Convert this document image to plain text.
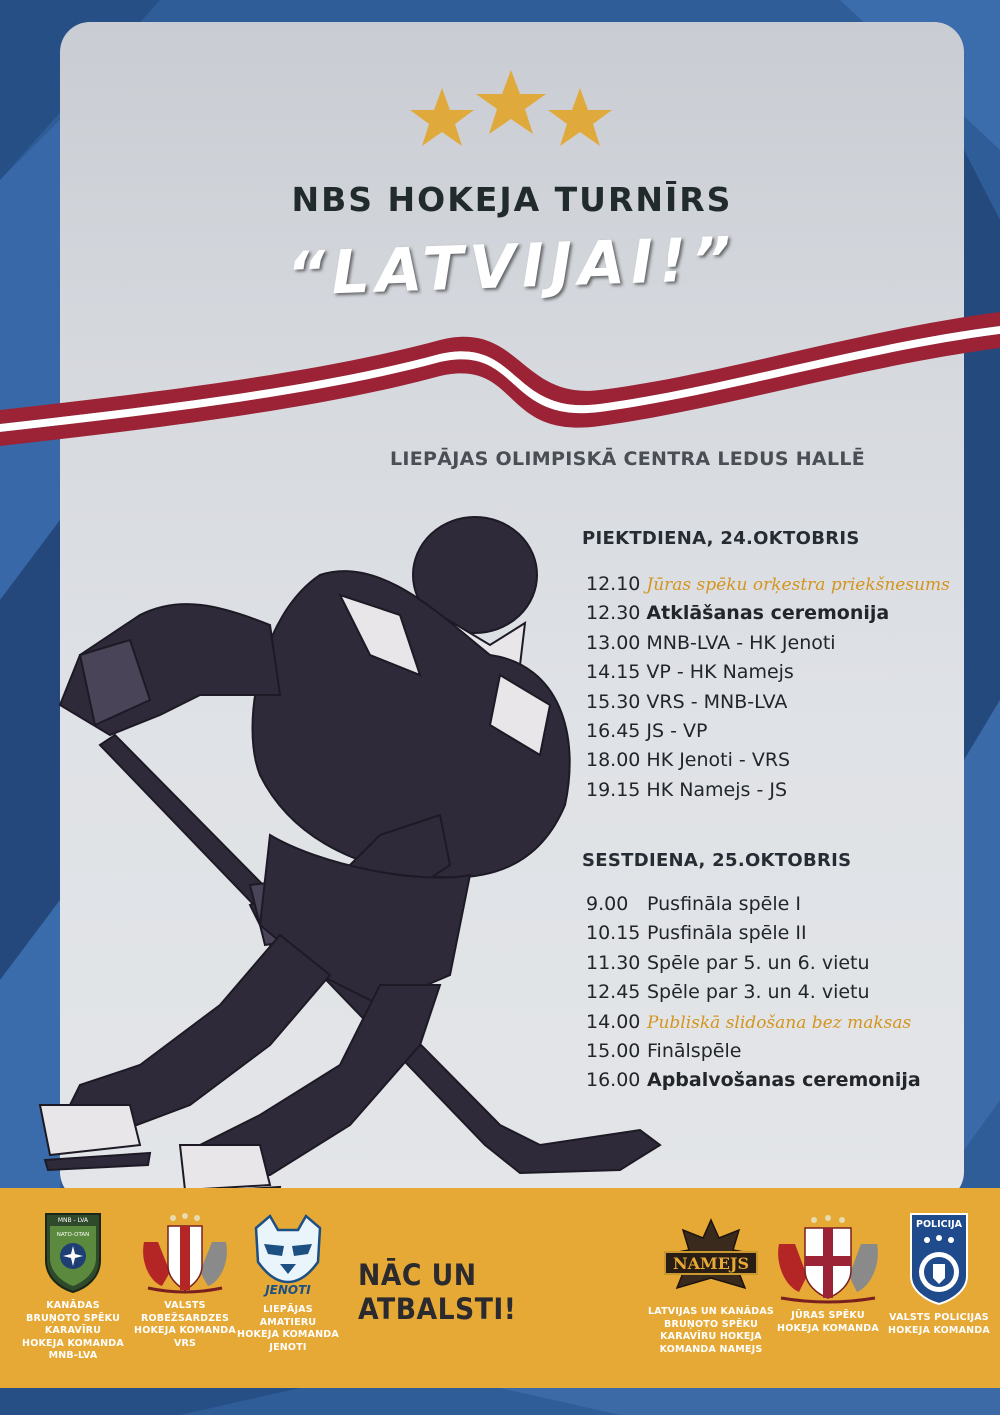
NBS HOKEJA TURNĪRS
“LATVIJAI!”
LIEPĀJAS OLIMPISKĀ CENTRA LEDUS HALLĒ
PIEKTDIENA, 24.OKTOBRIS
12.10 Jūras spēku orķestra priekšnesums
12.30 Atklāšanas ceremonija
13.00 MNB-LVA - HK Jenoti
14.15 VP - HK Namejs
15.30 VRS - MNB-LVA
16.45 JS - VP
18.00 HK Jenoti - VRS
19.15 HK Namejs - JS
SESTDIENA, 25.OKTOBRIS
9.00 Pusfināla spēle I
10.15 Pusfināla spēle II
11.30 Spēle par 5. un 6. vietu
12.45 Spēle par 3. un 4. vietu
14.00 Publiskā slidošana bez maksas
15.00 Finālspēle
16.00 Apbalvošanas ceremonija
MNB - LVA
NATO-OTAN
KANĀDAS
BRUŅOTO SPĒKU
KARAVĪRU
HOKEJA KOMANDA
MNB-LVA
VALSTS
ROBEŽSARDZES
HOKEJA KOMANDA
VRS
JENOTI
LIEPĀJAS AMATIERU
HOKEJA KOMANDA
JENOTI
NĀC UN ATBALSTI!
NAMEJS
LATVIJAS UN KANĀDAS
BRUŅOTO SPĒKU
KARAVĪRU HOKEJA
KOMANDA NAMEJS
JŪRAS SPĒKU
HOKEJA KOMANDA
POLICIJA
VALSTS POLICIJAS
HOKEJA KOMANDA
